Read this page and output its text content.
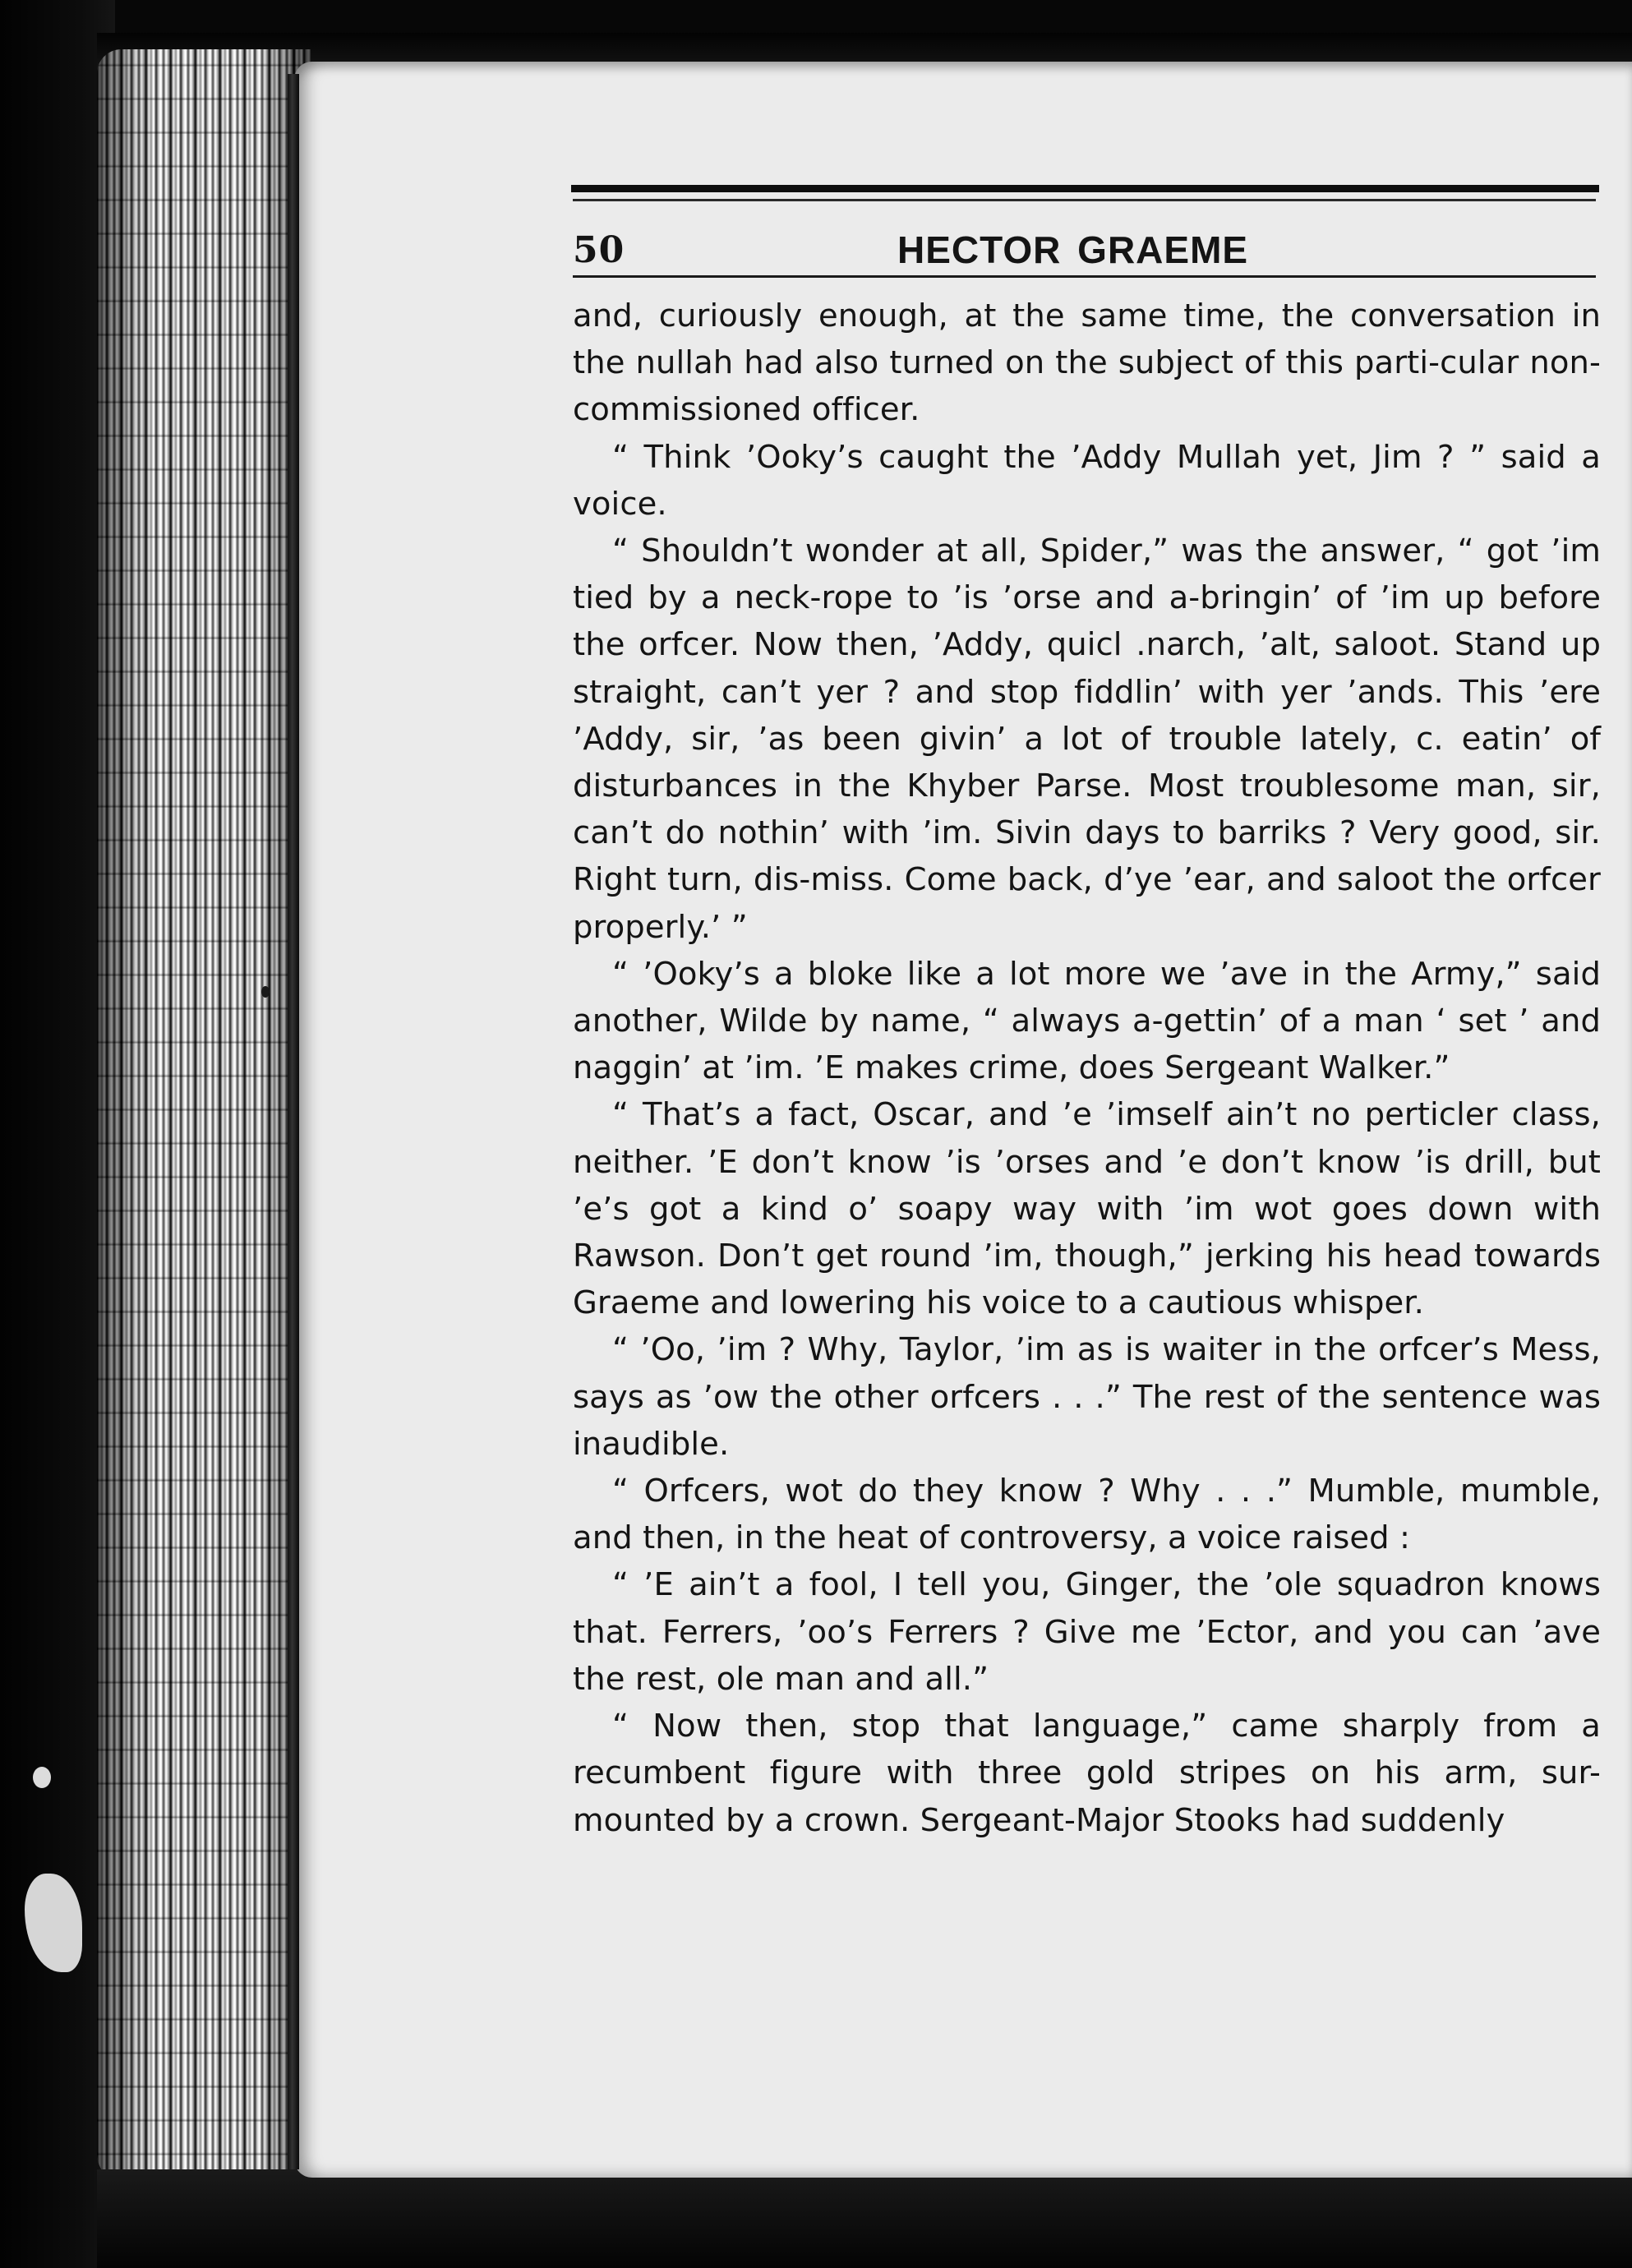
50	HECTOR GRAEME

and, curiously enough, at the same time, the conversation in the nullah had also turned on the subject of this parti-cular non-commissioned officer.

“ Think ’Ooky’s caught the ’Addy Mullah yet, Jim ? ” said a voice.

“ Shouldn’t wonder at all, Spider,” was the answer, “ got ’im tied by a neck-rope to ’is ’orse and a-bringin’ of ’im up before the orfcer. Now then, ’Addy, quicl .narch, ’alt, saloot. Stand up straight, can’t yer ? and stop fiddlin’ with yer ’ands. This ’ere ’Addy, sir, ’as been givin’ a lot of trouble lately, c. eatin’ of disturbances in the Khyber Parse. Most troublesome man, sir, can’t do nothin’ with ’im. Sivin days to barriks ? Very good, sir. Right turn, dis-miss. Come back, d’ye ’ear, and saloot the orfcer properly.’ ”

“ ’Ooky’s a bloke like a lot more we ’ave in the Army,” said another, Wilde by name, “ always a-gettin’ of a man ‘ set ’ and naggin’ at ’im. ’E makes crime, does Sergeant Walker.”

“ That’s a fact, Oscar, and ’e ’imself ain’t no perticler class, neither. ’E don’t know ’is ’orses and ’e don’t know ’is drill, but ’e’s got a kind o’ soapy way with ’im wot goes down with Rawson. Don’t get round ’im, though,” jerking his head towards Graeme and lowering his voice to a cautious whisper.

“ ’Oo, ’im ? Why, Taylor, ’im as is waiter in the orfcer’s Mess, says as ’ow the other orfcers . . .” The rest of the sentence was inaudible.

“ Orfcers, wot do they know ? Why . . .” Mumble, mumble, and then, in the heat of controversy, a voice raised :

“ ’E ain’t a fool, I tell you, Ginger, the ’ole squadron knows that. Ferrers, ’oo’s Ferrers ? Give me ’Ector, and you can ’ave the rest, ole man and all.”

“ Now then, stop that language,” came sharply from a recumbent figure with three gold stripes on his arm, sur-mounted by a crown. Sergeant-Major Stooks had suddenly
